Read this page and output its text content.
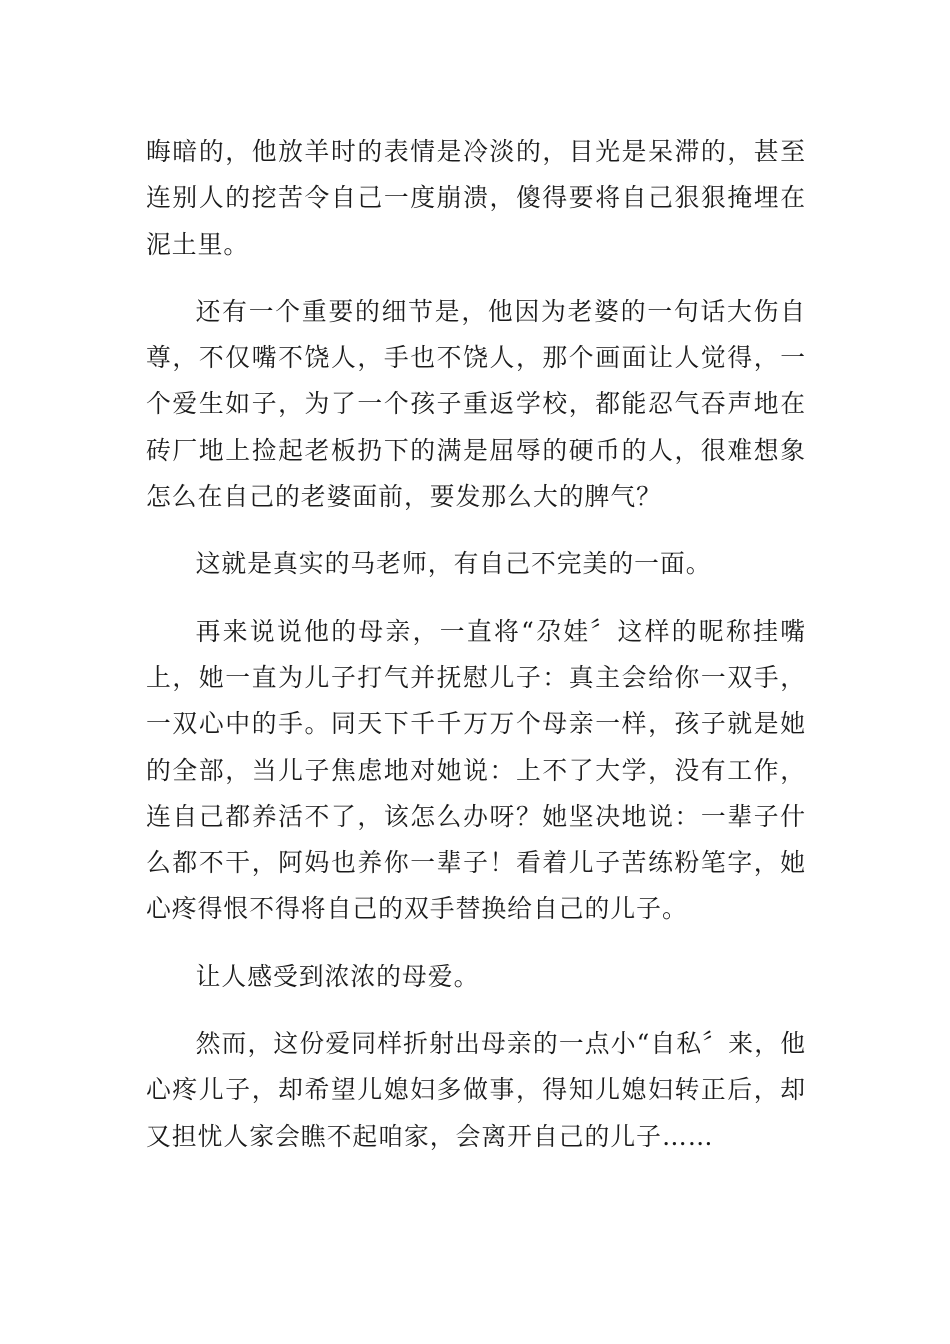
晦暗的，他放羊时的表情是冷淡的，目光是呆滞的，甚至连别人的挖苦令自己一度崩溃，傻得要将自己狠狠掩埋在泥土里。

还有一个重要的细节是，他因为老婆的一句话大伤自尊，不仅嘴不饶人，手也不饶人，那个画面让人觉得，一个爱生如子，为了一个孩子重返学校，都能忍气吞声地在砖厂地上捡起老板扔下的满是屈辱的硬币的人，很难想象怎么在自己的老婆面前，要发那么大的脾气？

这就是真实的马老师，有自己不完美的一面。

再来说说他的母亲，一直将“尕娃〞这样的昵称挂嘴上，她一直为儿子打气并抚慰儿子：真主会给你一双手，一双心中的手。同天下千千万万个母亲一样，孩子就是她的全部，当儿子焦虑地对她说：上不了大学，没有工作，连自己都养活不了，该怎么办呀？她坚决地说：一辈子什么都不干，阿妈也养你一辈子！看着儿子苦练粉笔字，她心疼得恨不得将自己的双手替换给自己的儿子。

让人感受到浓浓的母爱。

然而，这份爱同样折射出母亲的一点小“自私〞来，他心疼儿子，却希望儿媳妇多做事，得知儿媳妇转正后，却又担忧人家会瞧不起咱家，会离开自己的儿子……
